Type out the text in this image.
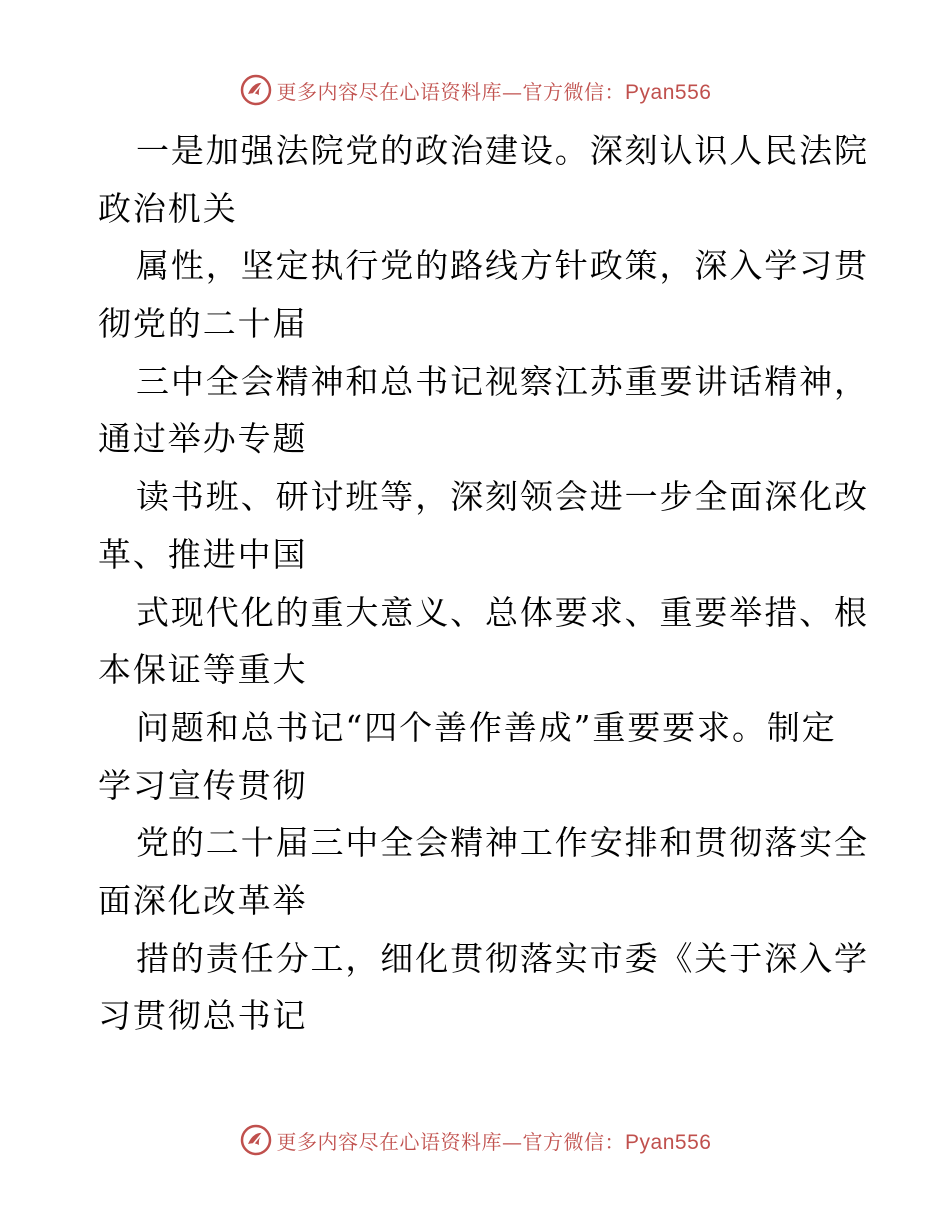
更多内容尽在心语资料库—官方微信：Pyan556
一是加强法院党的政治建设。深刻认识人民法院
政治机关
属性，坚定执行党的路线方针政策，深入学习贯
彻党的二十届
三中全会精神和总书记视察江苏重要讲话精神，
通过举办专题
读书班、研讨班等，深刻领会进一步全面深化改
革、推进中国
式现代化的重大意义、总体要求、重要举措、根
本保证等重大
问题和总书记“四个善作善成”重要要求。制定
学习宣传贯彻
党的二十届三中全会精神工作安排和贯彻落实全
面深化改革举
措的责任分工，细化贯彻落实市委《关于深入学
习贯彻总书记
更多内容尽在心语资料库—官方微信：Pyan556
